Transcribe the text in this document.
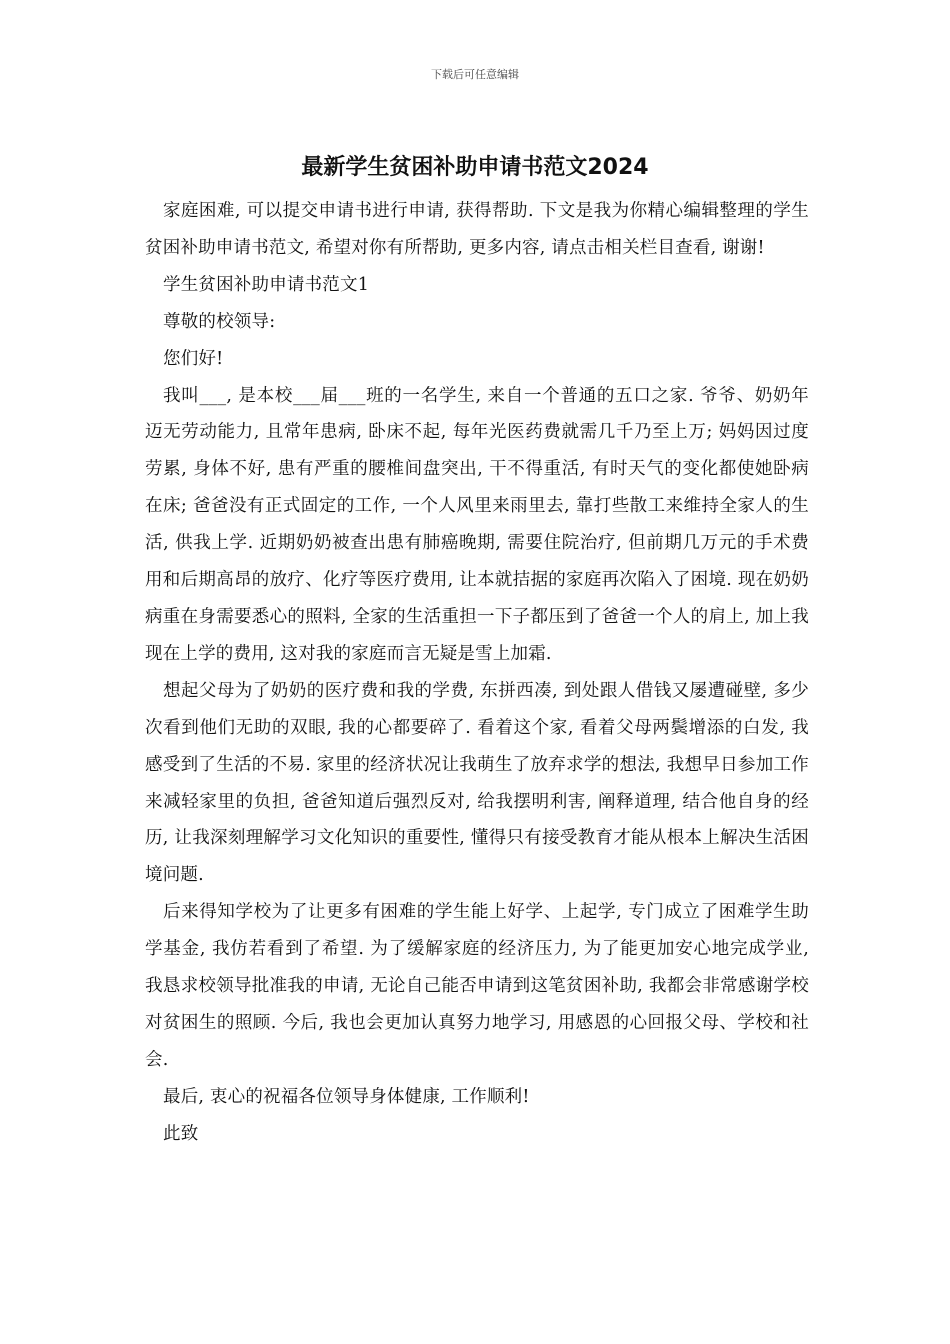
下载后可任意编辑
最新学生贫困补助申请书范文2024

家庭困难, 可以提交申请书进行申请, 获得帮助. 下文是我为你精心编辑整理的学生贫困补助申请书范文, 希望对你有所帮助, 更多内容, 请点击相关栏目查看, 谢谢!

学生贫困补助申请书范文1

尊敬的校领导:

您们好!

我叫___, 是本校___届___班的一名学生, 来自一个普通的五口之家. 爷爷、奶奶年迈无劳动能力, 且常年患病, 卧床不起, 每年光医药费就需几千乃至上万; 妈妈因过度劳累, 身体不好, 患有严重的腰椎间盘突出, 干不得重活, 有时天气的变化都使她卧病在床; 爸爸没有正式固定的工作, 一个人风里来雨里去, 靠打些散工来维持全家人的生活, 供我上学. 近期奶奶被查出患有肺癌晚期, 需要住院治疗, 但前期几万元的手术费用和后期高昂的放疗、化疗等医疗费用, 让本就拮据的家庭再次陷入了困境. 现在奶奶病重在身需要悉心的照料, 全家的生活重担一下子都压到了爸爸一个人的肩上, 加上我现在上学的费用, 这对我的家庭而言无疑是雪上加霜.

想起父母为了奶奶的医疗费和我的学费, 东拼西凑, 到处跟人借钱又屡遭碰壁, 多少次看到他们无助的双眼, 我的心都要碎了. 看着这个家, 看着父母两鬓增添的白发, 我感受到了生活的不易. 家里的经济状况让我萌生了放弃求学的想法, 我想早日参加工作来减轻家里的负担, 爸爸知道后强烈反对, 给我摆明利害, 阐释道理, 结合他自身的经历, 让我深刻理解学习文化知识的重要性, 懂得只有接受教育才能从根本上解决生活困境问题.

后来得知学校为了让更多有困难的学生能上好学、上起学, 专门成立了困难学生助学基金, 我仿若看到了希望. 为了缓解家庭的经济压力, 为了能更加安心地完成学业, 我恳求校领导批准我的申请, 无论自己能否申请到这笔贫困补助, 我都会非常感谢学校对贫困生的照顾. 今后, 我也会更加认真努力地学习, 用感恩的心回报父母、学校和社会.

最后, 衷心的祝福各位领导身体健康, 工作顺利!

此致
